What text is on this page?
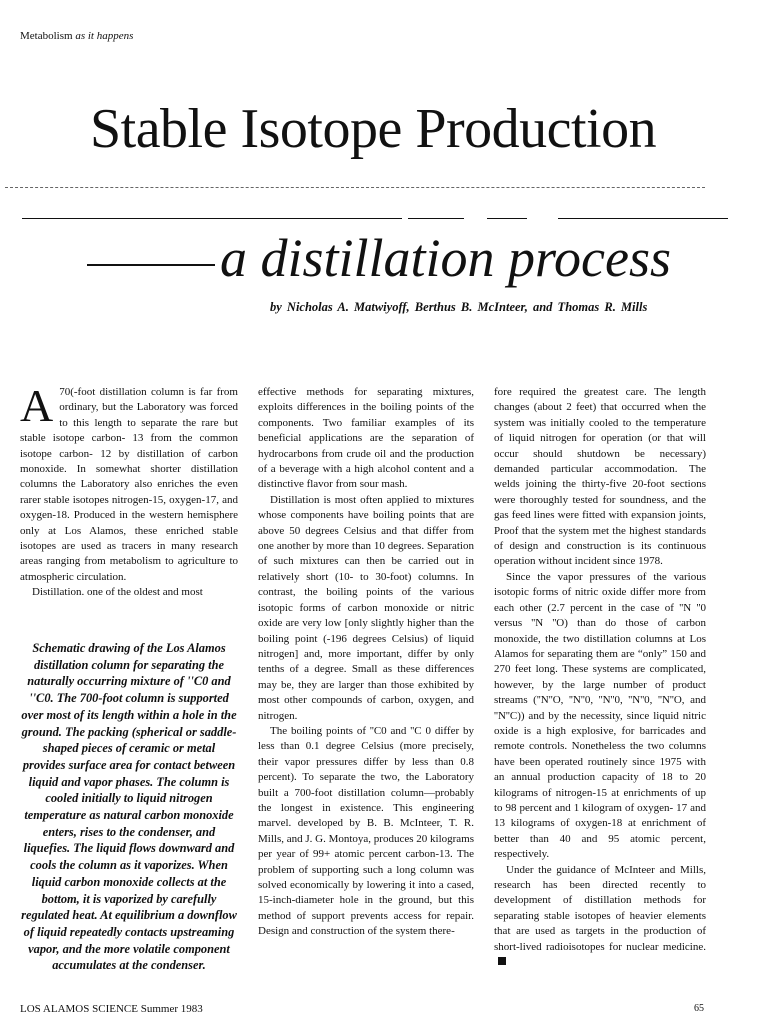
Metabolism as it happens
Stable Isotope Production
a distillation process
by Nicholas A. Matwiyoff, Berthus B. McInteer, and Thomas R. Mills

A 70(-foot distillation column is far from ordinary, but the Laboratory was forced to this length to separate the rare but stable isotope carbon- 13 from the common isotope carbon- 12 by distillation of carbon monoxide. In somewhat shorter distillation columns the Laboratory also enriches the even rarer stable isotopes nitrogen-15, oxygen-17, and oxygen-18. Produced in the western hemisphere only at Los Alamos, these enriched stable isotopes are used as tracers in many research areas ranging from metabolism to agriculture to atmospheric circulation.

Distillation. one of the oldest and most

Schematic drawing of the Los Alamos distillation column for separating the naturally occurring mixture of ''C0 and ''C0. The 700-foot column is supported over most of its length within a hole in the ground. The packing (spherical or saddle-shaped pieces of ceramic or metal provides surface area for contact between liquid and vapor phases. The column is cooled initially to liquid nitrogen temperature as natural carbon monoxide enters, rises to the condenser, and liquefies. The liquid flows downward and cools the column as it vaporizes. When liquid carbon monoxide collects at the bottom, it is vaporized by carefully regulated heat. At equilibrium a downflow of liquid repeatedly contacts upstreaming vapor, and the more volatile component accumulates at the condenser.

effective methods for separating mixtures, exploits differences in the boiling points of the components. Two familiar examples of its beneficial applications are the separation of hydrocarbons from crude oil and the production of a beverage with a high alcohol content and a distinctive flavor from sour mash.

Distillation is most often applied to mixtures whose components have boiling points that are above 50 degrees Celsius and that differ from one another by more than 10 degrees. Separation of such mixtures can then be carried out in relatively short (10- to 30-foot) columns. In contrast, the boiling points of the various isotopic forms of carbon monoxide or nitric oxide are very low [only slightly higher than the boiling point (-196 degrees Celsius) of liquid nitrogen] and, more important, differ by only tenths of a degree. Small as these differences may be, they are larger than those exhibited by most other compounds of carbon, oxygen, and nitrogen.

The boiling points of ''C0 and ''C 0 differ by less than 0.1 degree Celsius (more precisely, their vapor pressures differ by less than 0.8 percent). To separate the two, the Laboratory built a 700-foot distillation column—probably the longest in existence. This engineering marvel. developed by B. B. McInteer, T. R. Mills, and J. G. Montoya, produces 20 kilograms per year of 99+ atomic percent carbon-13. The problem of supporting such a long column was solved economically by lowering it into a cased, 15-inch-diameter hole in the ground, but this method of support prevents access for repair. Design and construction of the system there-

fore required the greatest care. The length changes (about 2 feet) that occurred when the system was initially cooled to the temperature of liquid nitrogen for operation (or that will occur should shutdown be necessary) demanded particular accommodation. The welds joining the thirty-five 20-foot sections were thoroughly tested for soundness, and the gas feed lines were fitted with expansion joints, Proof that the system met the highest standards of design and construction is its continuous operation without incident since 1978.

Since the vapor pressures of the various isotopic forms of nitric oxide differ more from each other (2.7 percent in the case of ''N ''0 versus ''N ''O) than do those of carbon monoxide, the two distillation columns at Los Alamos for separating them are “only” 150 and 270 feet long. These systems are complicated, however, by the large number of product streams (''N''O, ''N''0, ''N''0, ''N''0, ''N''O, and ''N''C)) and by the necessity, since liquid nitric oxide is a high explosive, for barricades and remote controls. Nonetheless the two columns have been operated routinely since 1975 with an annual production capacity of 18 to 20 kilograms of nitrogen-15 at enrichments of up to 98 percent and 1 kilogram of oxygen- 17 and 13 kilograms of oxygen-18 at enrichment of better than 40 and 95 atomic percent, respectively.

Under the guidance of McInteer and Mills, research has been directed recently to development of distillation methods for separating stable isotopes of heavier elements that are used as targets in the production of short-lived radioisotopes for nuclear medicine.

LOS ALAMOS SCIENCE Summer 1983	65
